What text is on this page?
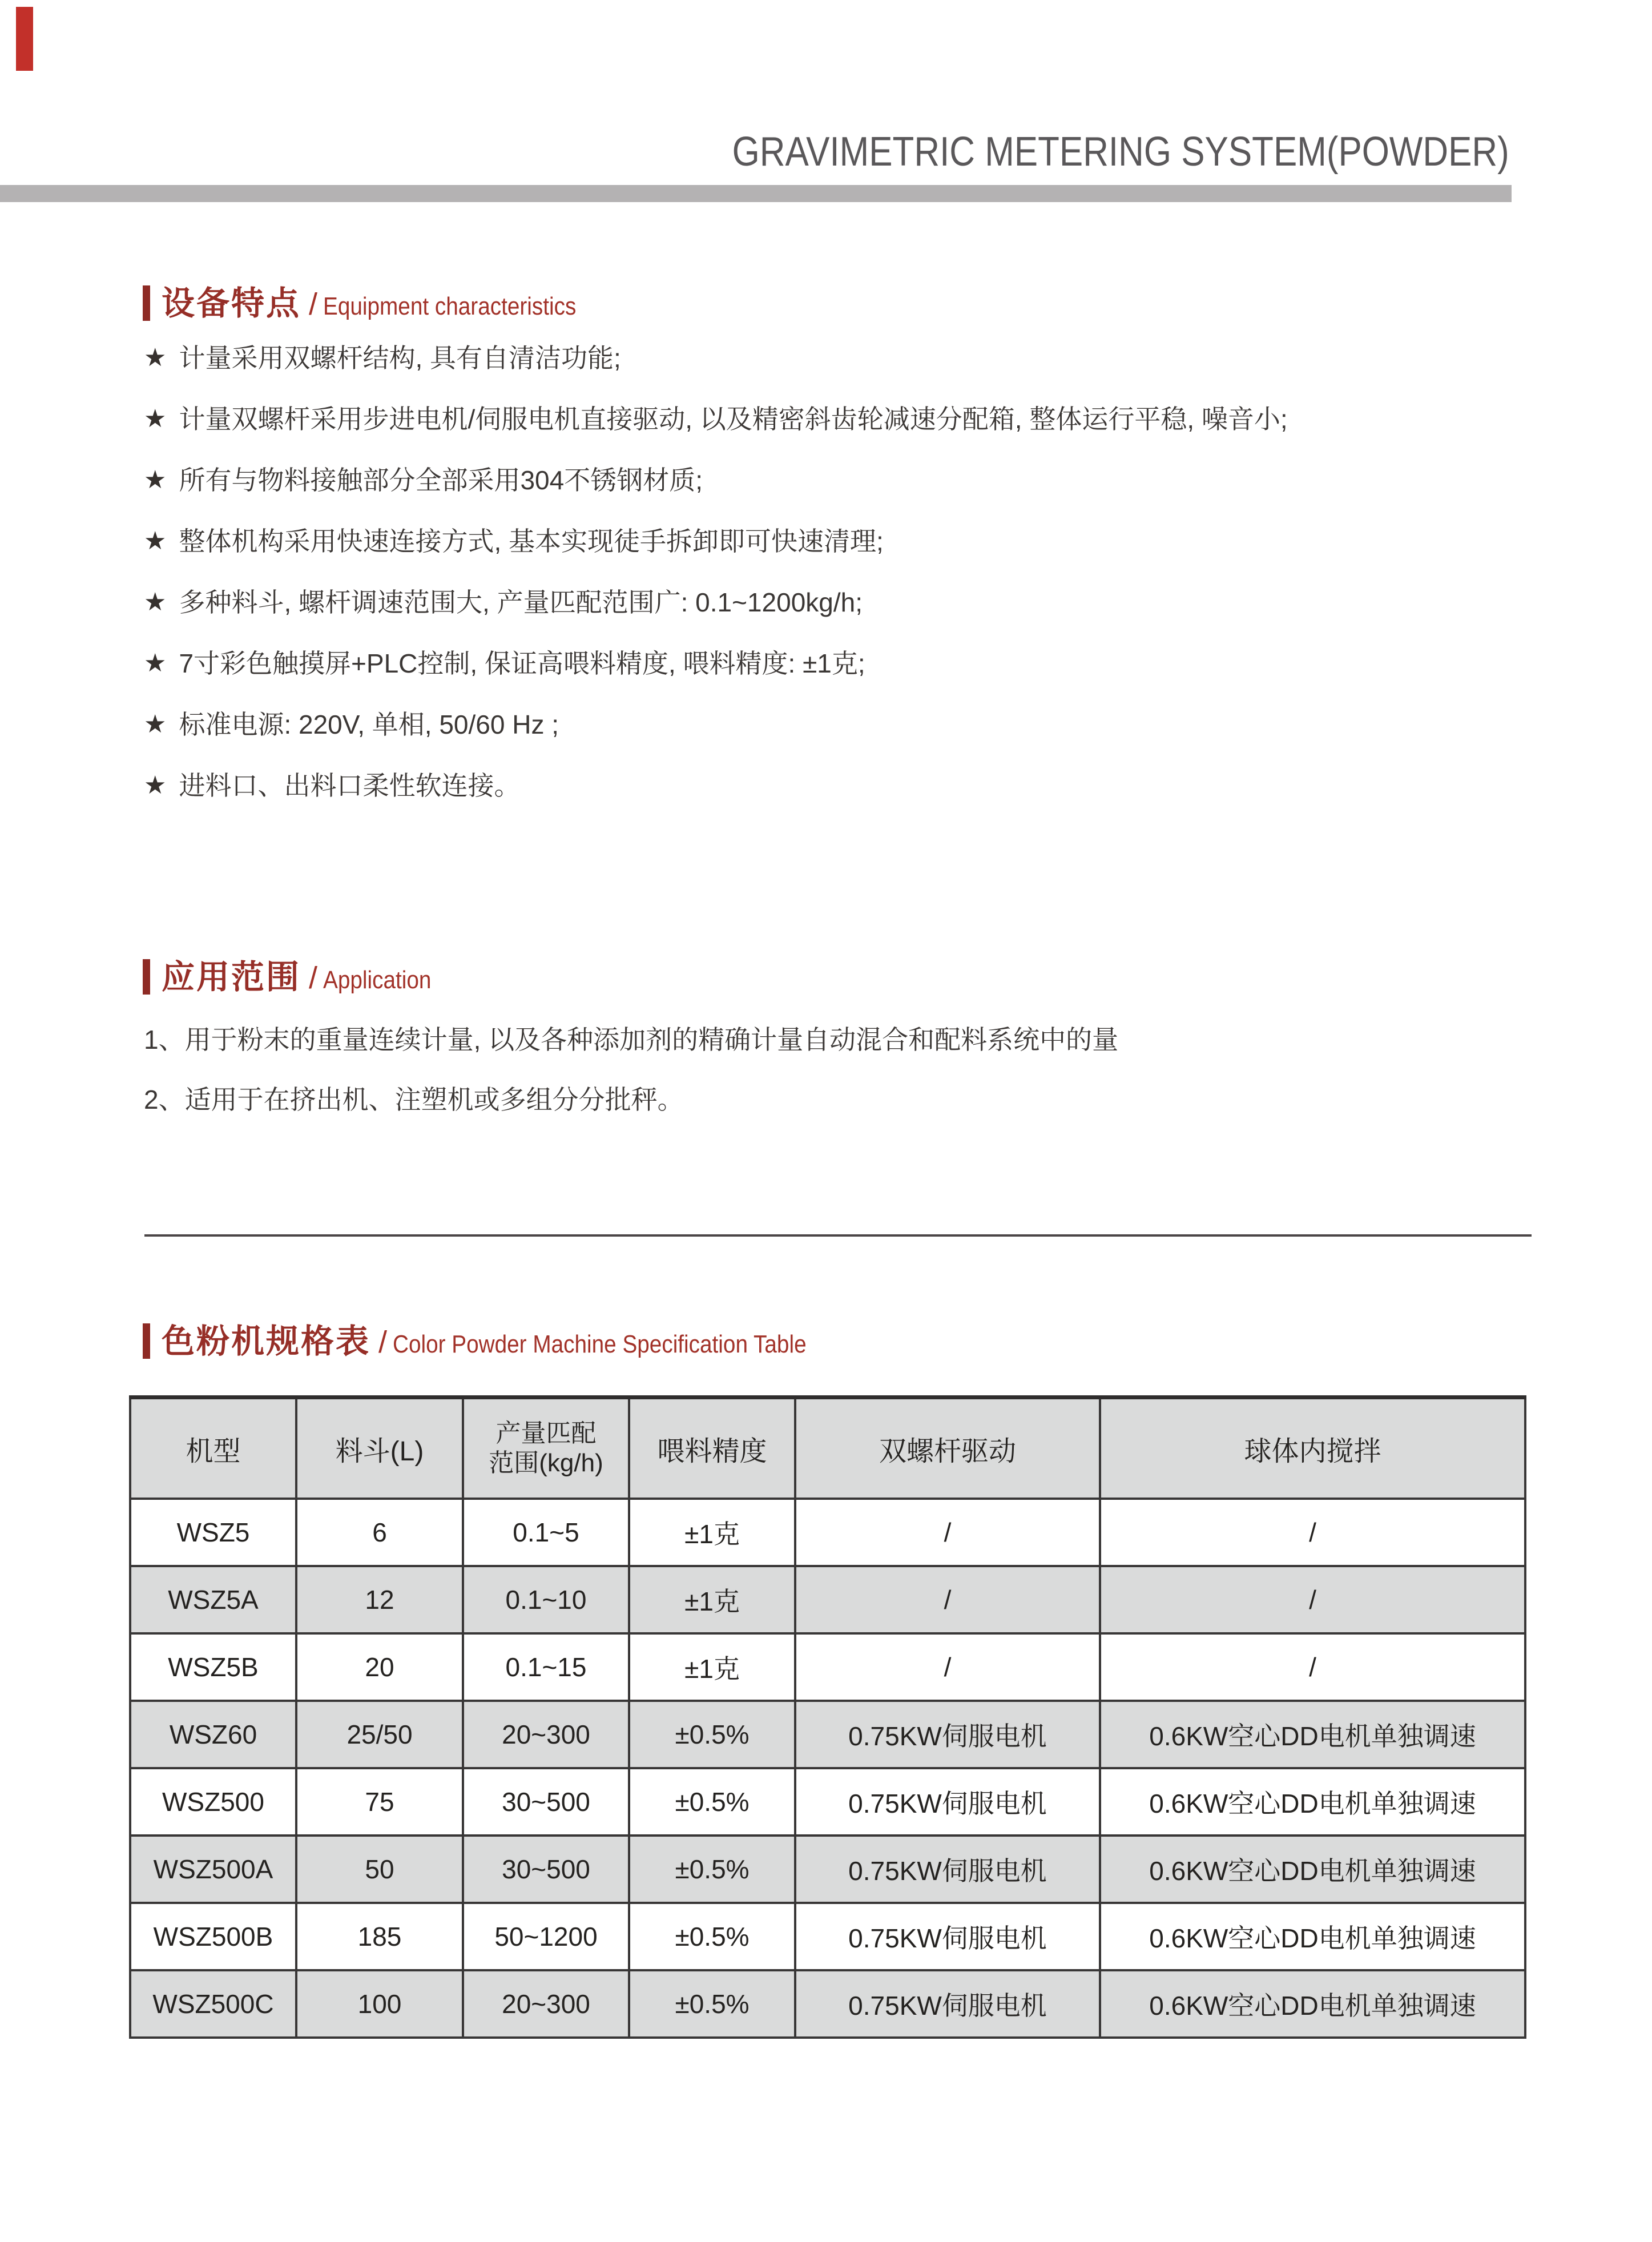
GRAVIMETRIC METERING SYSTEM(POWDER)
设备特点 / Equipment characteristics
★ 计量采用双螺杆结构, 具有自清洁功能;
★ 计量双螺杆采用步进电机/伺服电机直接驱动, 以及精密斜齿轮减速分配箱, 整体运行平稳, 噪音小;
★ 所有与物料接触部分全部采用304不锈钢材质;
★ 整体机构采用快速连接方式, 基本实现徒手拆卸即可快速清理;
★ 多种料斗, 螺杆调速范围大, 产量匹配范围广: 0.1~1200kg/h;
★ 7寸彩色触摸屏+PLC控制, 保证高喂料精度, 喂料精度: ±1克;
★ 标准电源: 220V, 单相, 50/60 Hz ;
★ 进料口、出料口柔性软连接。
应用范围 / Application
1、用于粉末的重量连续计量, 以及各种添加剂的精确计量自动混合和配料系统中的量
2、适用于在挤出机、注塑机或多组分分批秤。
色粉机规格表 / Color Powder Machine Specification Table
机型	料斗(L)	产量匹配
范围(kg/h)	喂料精度	双螺杆驱动	球体内搅拌
WSZ5	6	0.1~5	±1克	/	/
WSZ5A	12	0.1~10	±1克	/	/
WSZ5B	20	0.1~15	±1克	/	/
WSZ60	25/50	20~300	±0.5%	0.75KW伺服电机	0.6KW空心DD电机单独调速
WSZ500	75	30~500	±0.5%	0.75KW伺服电机	0.6KW空心DD电机单独调速
WSZ500A	50	30~500	±0.5%	0.75KW伺服电机	0.6KW空心DD电机单独调速
WSZ500B	185	50~1200	±0.5%	0.75KW伺服电机	0.6KW空心DD电机单独调速
WSZ500C	100	20~300	±0.5%	0.75KW伺服电机	0.6KW空心DD电机单独调速
